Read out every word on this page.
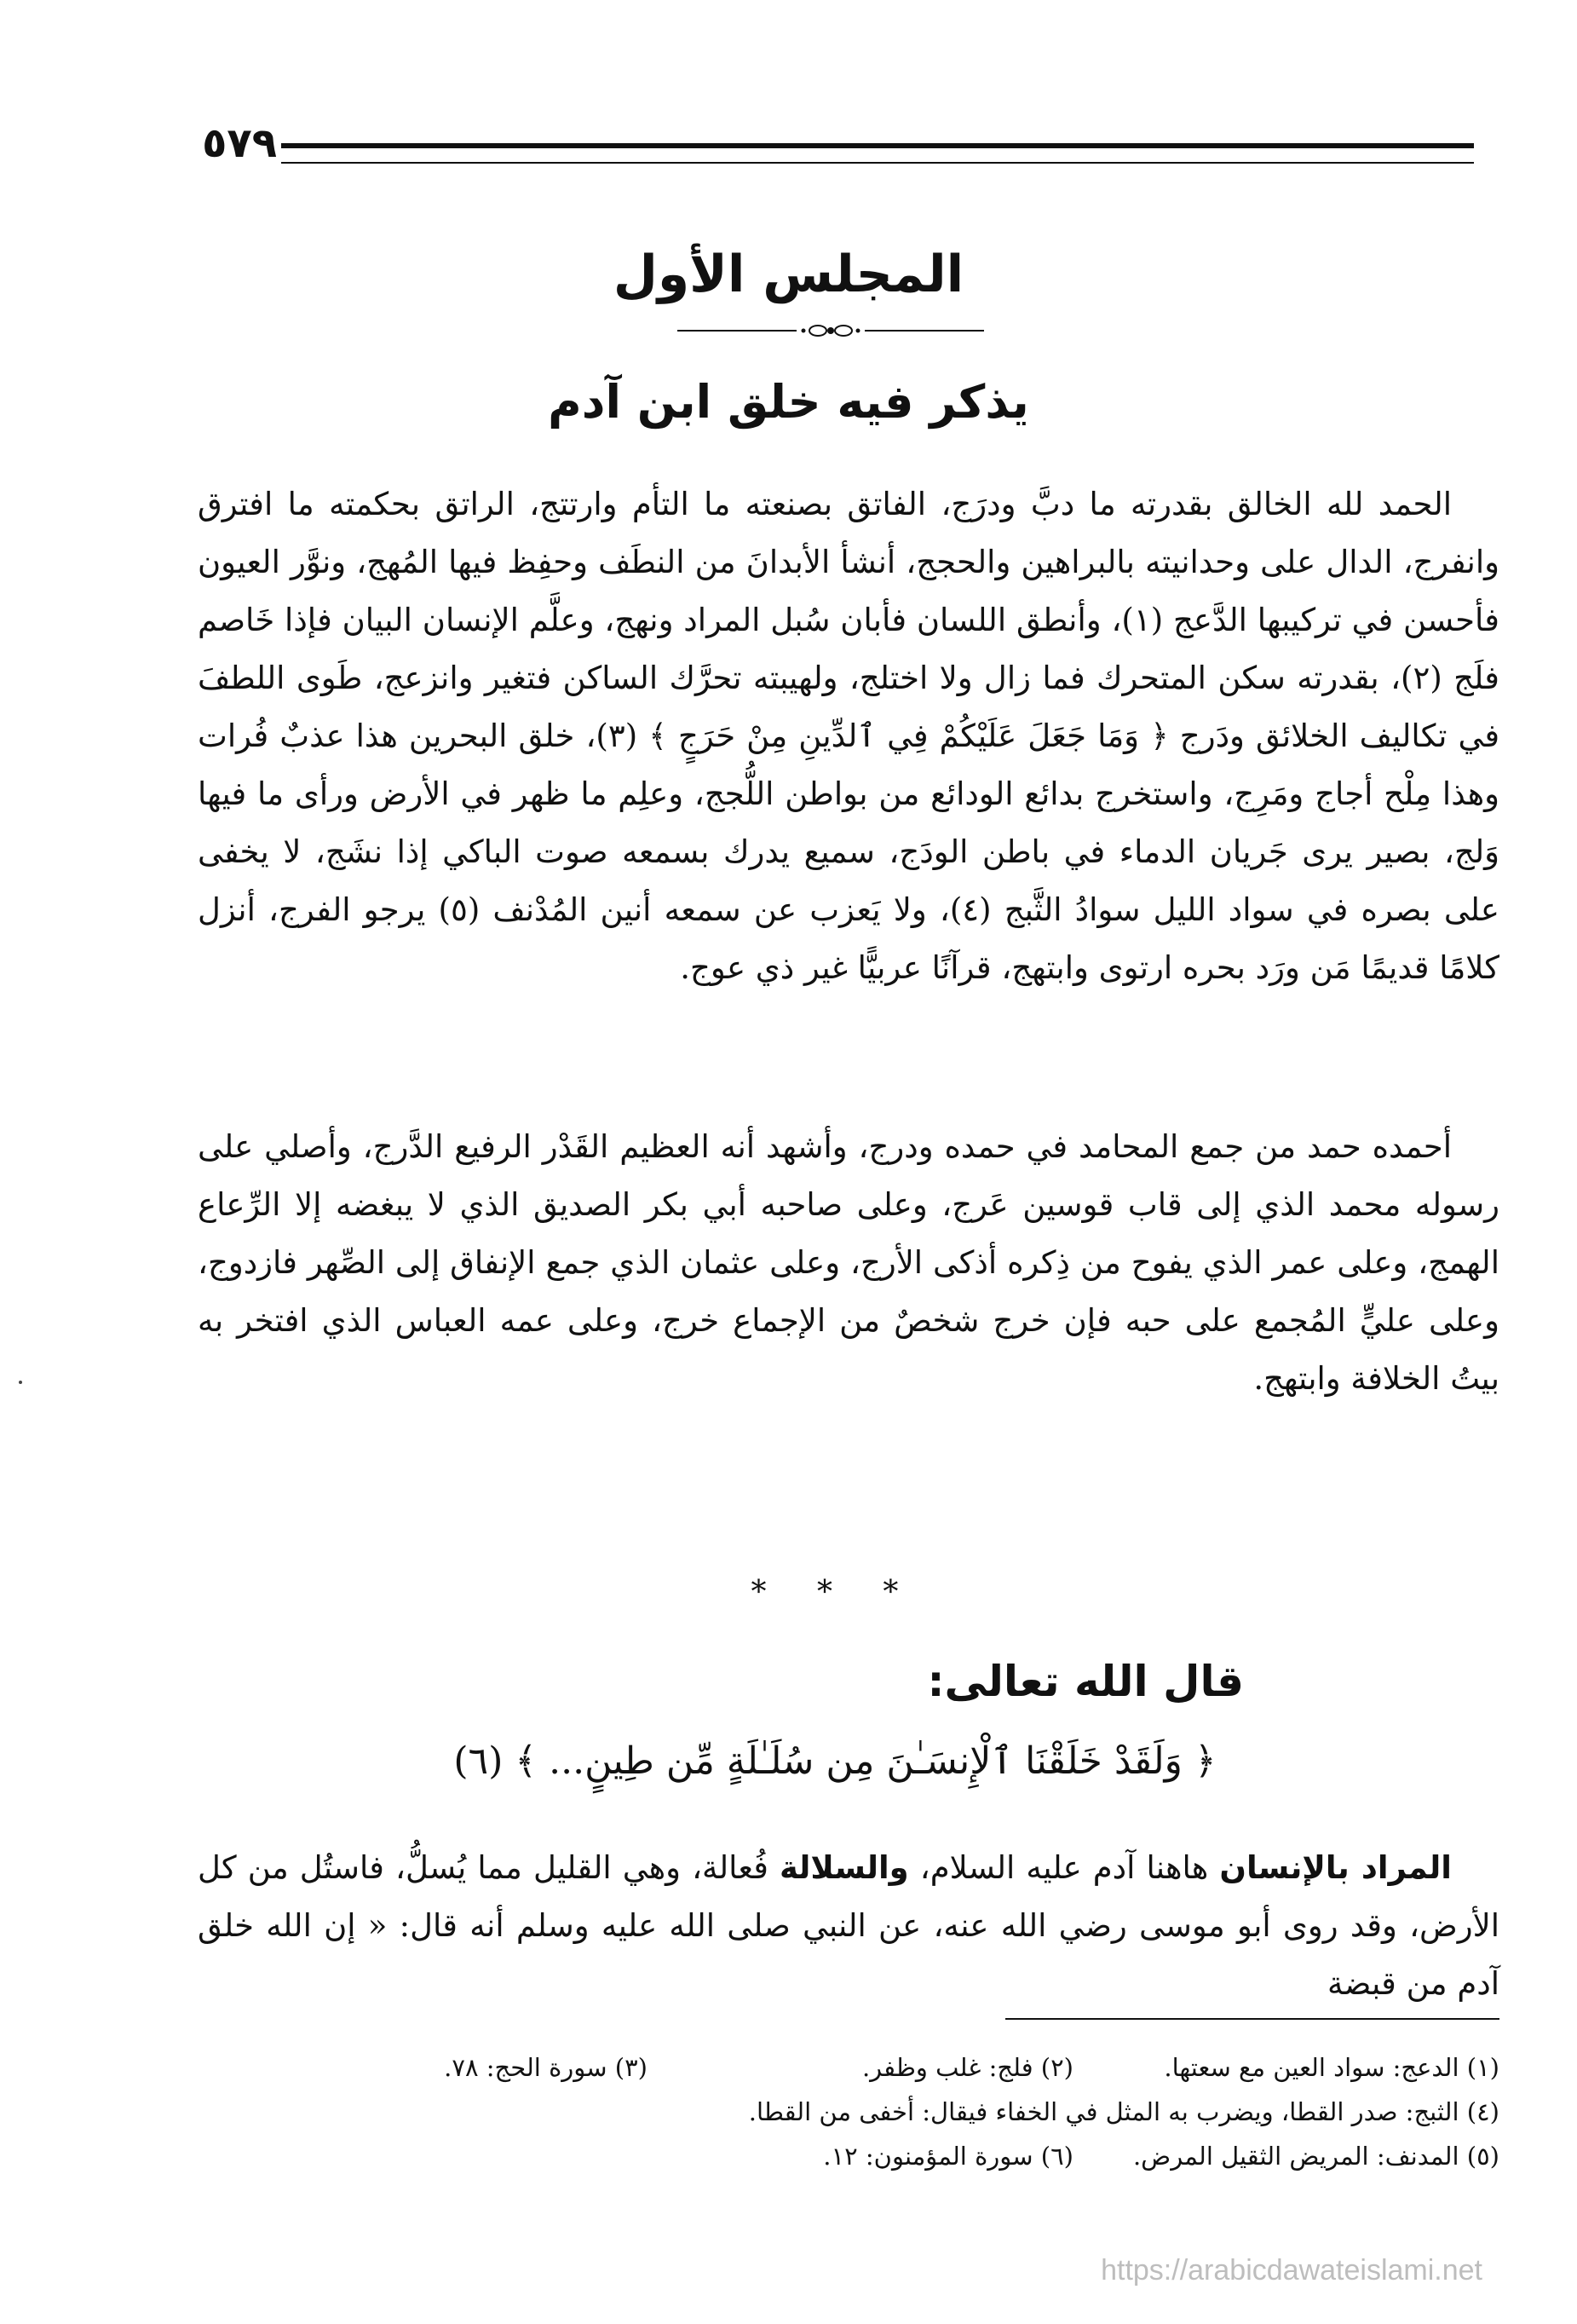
٥٧٩
المجلس الأول
يذكر فيه خلق ابن آدم

الحمد لله الخالق بقدرته ما دبَّ ودرَج، الفاتق بصنعته ما التأم وارتتج، الراتق بحكمته ما افترق وانفرج، الدال على وحدانيته بالبراهين والحجج، أنشأ الأبدانَ من النطَف وحفِظ فيها المُهج، ونوَّر العيون فأحسن في تركيبها الدَّعج (١)، وأنطق اللسان فأبان سُبل المراد ونهج، وعلَّم الإنسان البيان فإذا خَاصم فلَج (٢)، بقدرته سكن المتحرك فما زال ولا اختلج، ولهيبته تحرَّك الساكن فتغير وانزعج، طَوى اللطفَ في تكاليف الخلائق ودَرج ﴿ وَمَا جَعَلَ عَلَيْكُمْ فِي ٱلدِّينِ مِنْ حَرَجٍ ﴾ (٣)، خلق البحرين هذا عذبٌ فُرات وهذا مِلْح أجاج ومَرِج، واستخرج بدائع الودائع من بواطن اللُّجج، وعلِم ما ظهر في الأرض ورأى ما فيها وَلج، بصير يرى جَريان الدماء في باطن الودَج، سميع يدرك بسمعه صوت الباكي إذا نشَج، لا يخفى على بصره في سواد الليل سوادُ الثَّبج (٤)، ولا يَعزب عن سمعه أنين المُدْنف (٥) يرجو الفرج، أنزل كلامًا قديمًا مَن ورَد بحره ارتوى وابتهج، قرآنًا عربيًّا غير ذي عوج.

أحمده حمد من جمع المحامد في حمده ودرج، وأشهد أنه العظيم القَدْر الرفيع الدَّرج، وأصلي على رسوله محمد الذي إلى قاب قوسين عَرج، وعلى صاحبه أبي بكر الصديق الذي لا يبغضه إلا الرِّعاع الهمج، وعلى عمر الذي يفوح من ذِكره أذكى الأرج، وعلى عثمان الذي جمع الإنفاق إلى الصِّهر فازدوج، وعلى عليٍّ المُجمع على حبه فإن خرج شخصٌ من الإجماع خرج، وعلى عمه العباس الذي افتخر به بيتُ الخلافة وابتهج.

* * *
قال الله تعالى:
﴿ وَلَقَدْ خَلَقْنَا ٱلْإِنسَـٰنَ مِن سُلَـٰلَةٍ مِّن طِينٍ... ﴾ (٦)

المراد بالإنسان هاهنا آدم عليه السلام، والسلالة فُعالة، وهي القليل مما يُسلُّ، فاستُل من كل الأرض، وقد روى أبو موسى رضي الله عنه، عن النبي صلى الله عليه وسلم أنه قال: « إن الله خلق آدم من قبضة

(١) الدعج: سواد العين مع سعتها.
(٢) فلج: غلب وظفر.
(٣) سورة الحج: ٧٨.
(٤) الثبج: صدر القطا، ويضرب به المثل في الخفاء فيقال: أخفى من القطا.
(٥) المدنف: المريض الثقيل المرض.
(٦) سورة المؤمنون: ١٢.
https://arabicdawateislami.net
